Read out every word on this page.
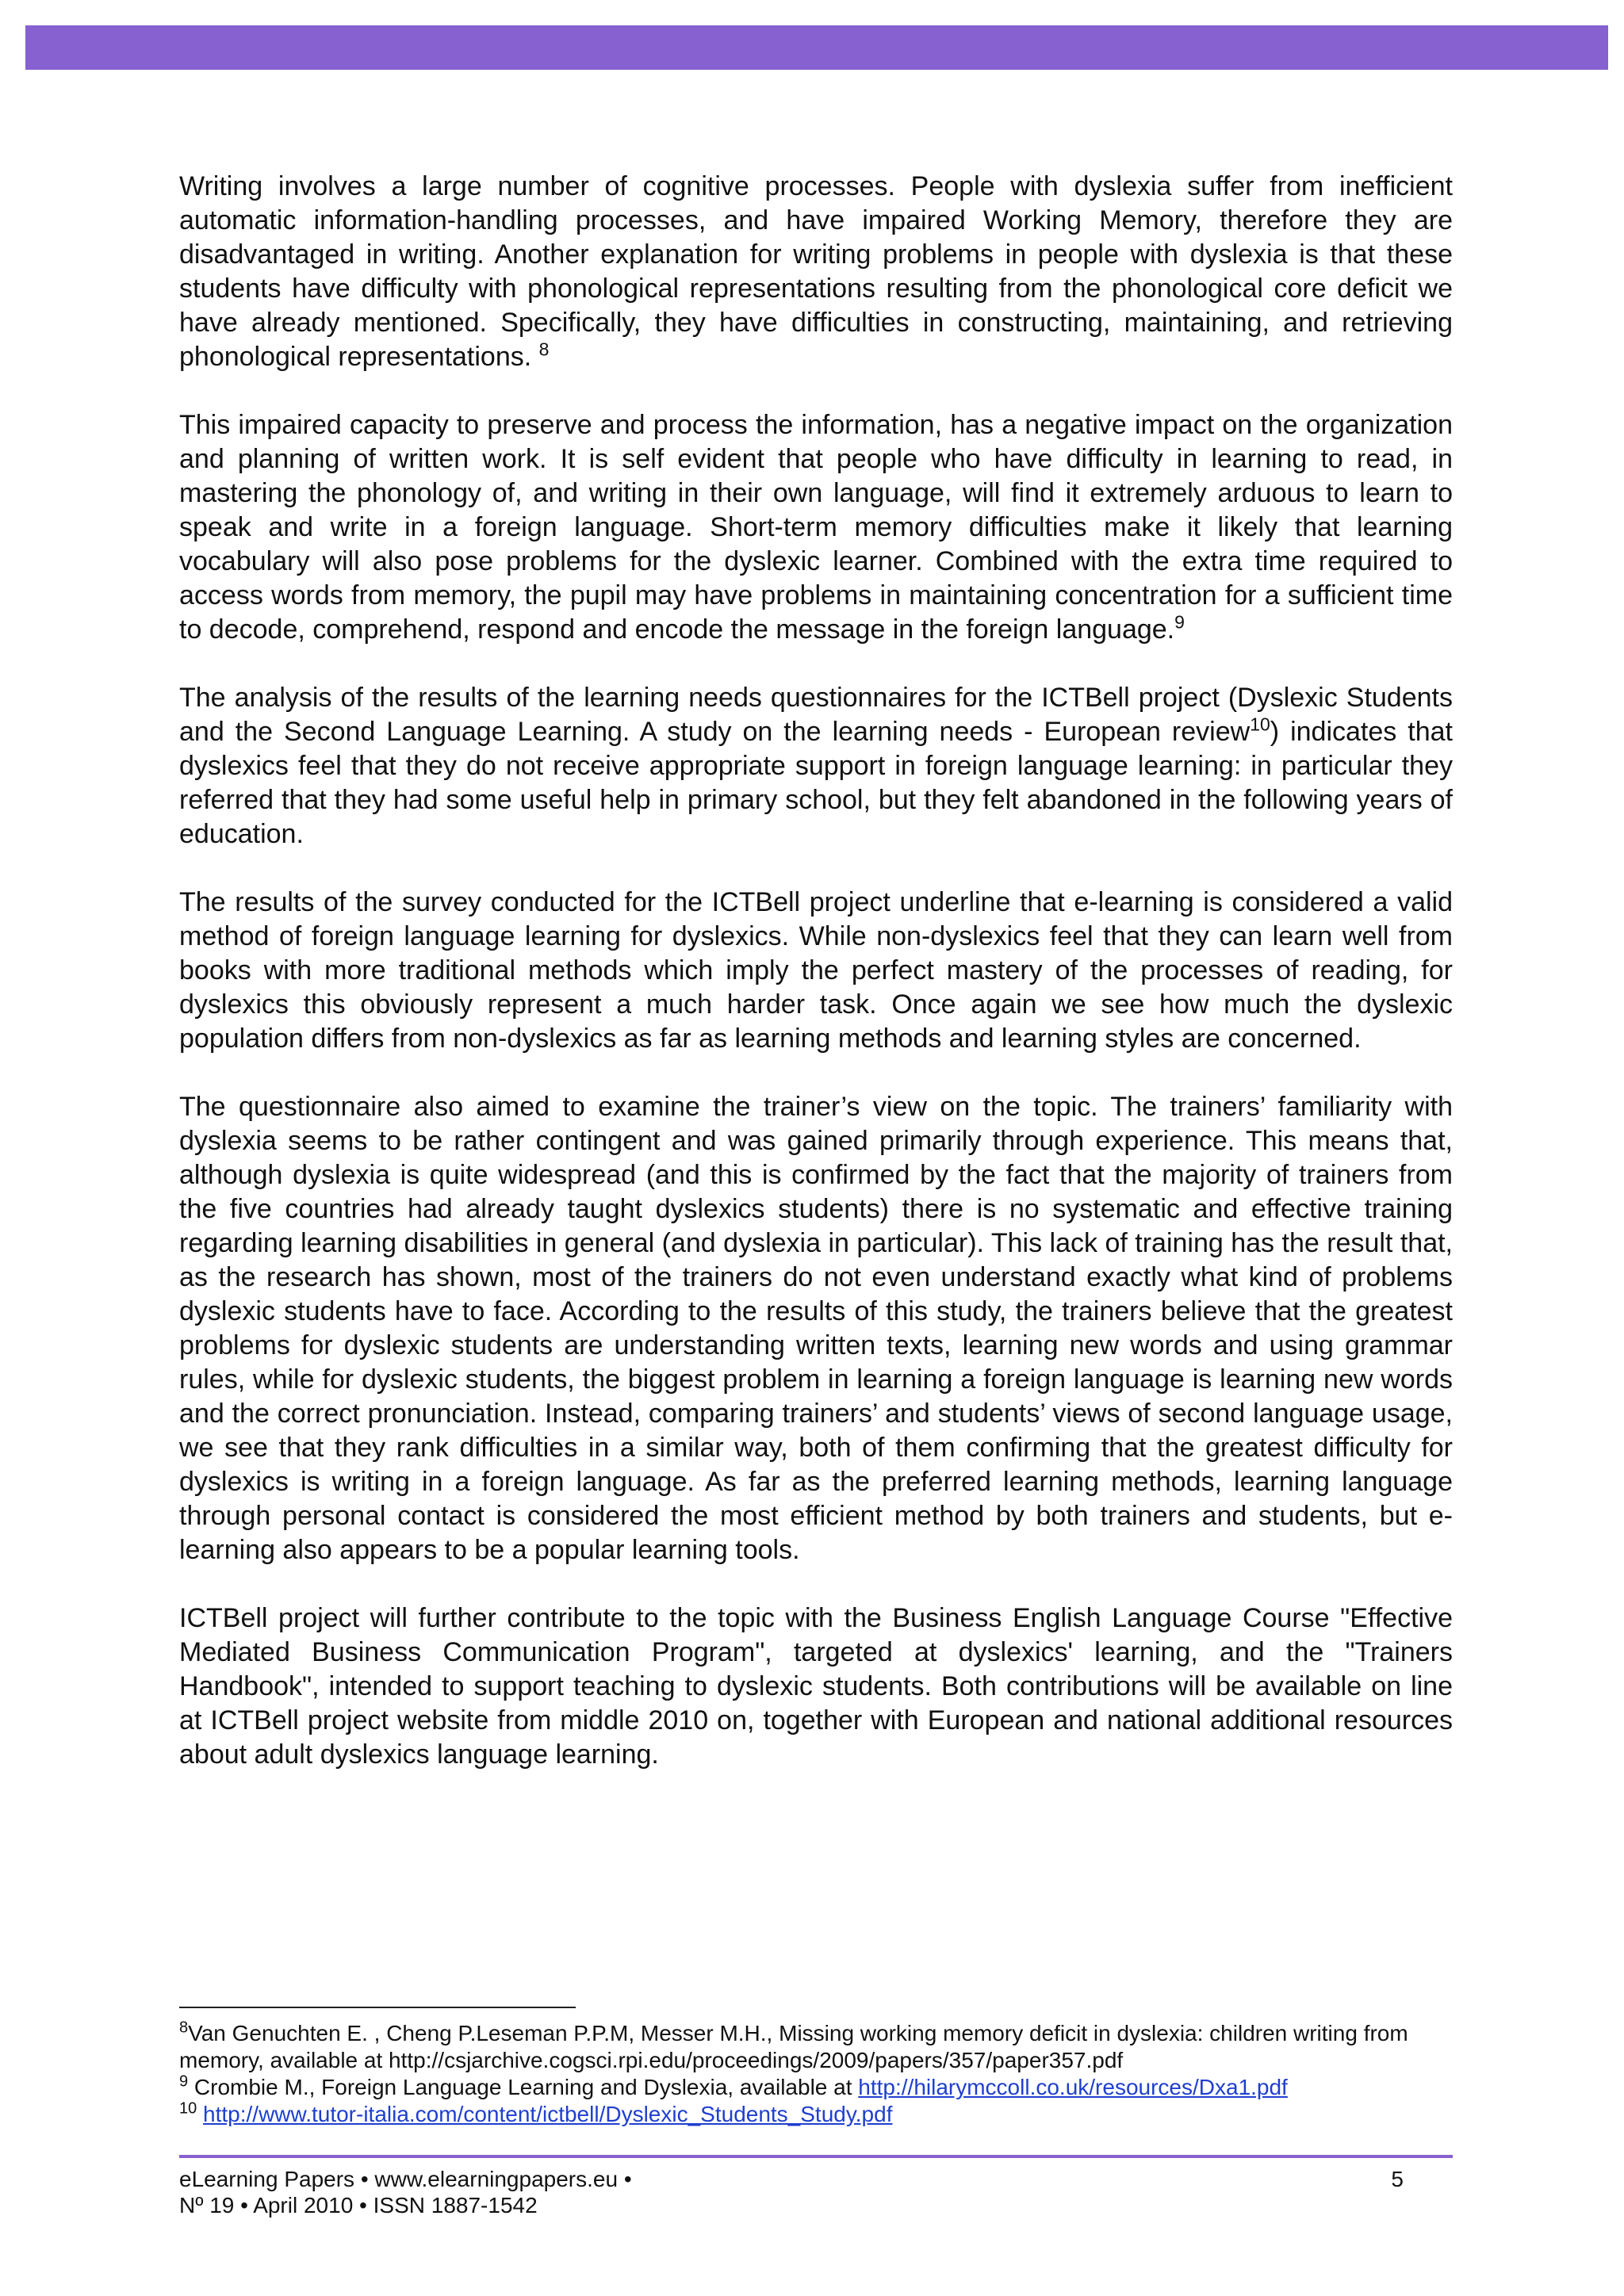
Writing involves a large number of cognitive processes. People with dyslexia suffer from inefficient automatic information-handling processes, and have impaired Working Memory, therefore they are disadvantaged in writing. Another explanation for writing problems in people with dyslexia is that these students have difficulty with phonological representations resulting from the phonological core deficit we have already mentioned. Specifically, they have difficulties in constructing, maintaining, and retrieving phonological representations. $^8$

This impaired capacity to preserve and process the information, has a negative impact on the organization and planning of written work. It is self evident that people who have difficulty in learning to read, in mastering the phonology of, and writing in their own language, will find it extremely arduous to learn to speak and write in a foreign language. Short-term memory difficulties make it likely that learning vocabulary will also pose problems for the dyslexic learner. Combined with the extra time required to access words from memory, the pupil may have problems in maintaining concentration for a sufficient time to decode, comprehend, respond and encode the message in the foreign language.$^9$

The analysis of the results of the learning needs questionnaires for the ICTBell project (Dyslexic Students and the Second Language Learning. A study on the learning needs - European review$^{10}$) indicates that dyslexics feel that they do not receive appropriate support in foreign language learning: in particular they referred that they had some useful help in primary school, but they felt abandoned in the following years of education.

The results of the survey conducted for the ICTBell project underline that e-learning is considered a valid method of foreign language learning for dyslexics. While non-dyslexics feel that they can learn well from books with more traditional methods which imply the perfect mastery of the processes of reading, for dyslexics this obviously represent a much harder task. Once again we see how much the dyslexic population differs from non-dyslexics as far as learning methods and learning styles are concerned.

The questionnaire also aimed to examine the trainer’s view on the topic. The trainers’ familiarity with dyslexia seems to be rather contingent and was gained primarily through experience. This means that, although dyslexia is quite widespread (and this is confirmed by the fact that the majority of trainers from the five countries had already taught dyslexics students) there is no systematic and effective training regarding learning disabilities in general (and dyslexia in particular). This lack of training has the result that, as the research has shown, most of the trainers do not even understand exactly what kind of problems dyslexic students have to face. According to the results of this study, the trainers believe that the greatest problems for dyslexic students are understanding written texts, learning new words and using grammar rules, while for dyslexic students, the biggest problem in learning a foreign language is learning new words and the correct pronunciation. Instead, comparing trainers’ and students’ views of second language usage, we see that they rank difficulties in a similar way, both of them confirming that the greatest difficulty for dyslexics is writing in a foreign language. As far as the preferred learning methods, learning language through personal contact is considered the most efficient method by both trainers and students, but e-learning also appears to be a popular learning tools.

ICTBell project will further contribute to the topic with the Business English Language Course "Effective Mediated Business Communication Program", targeted at dyslexics' learning, and the "Trainers Handbook", intended to support teaching to dyslexic students. Both contributions will be available on line at ICTBell project website from middle 2010 on, together with European and national additional resources about adult dyslexics language learning.

$^8$Van Genuchten E. , Cheng P.Leseman P.P.M, Messer M.H., Missing working memory deficit in dyslexia: children writing from memory, available at http://csjarchive.cogsci.rpi.edu/proceedings/2009/papers/357/paper357.pdf

$^9$ Crombie M., Foreign Language Learning and Dyslexia, available at http://hilarymccoll.co.uk/resources/Dxa1.pdf

$^{10}$ http://www.tutor-italia.com/content/ictbell/Dyslexic_Students_Study.pdf

eLearning Papers • www.elearningpapers.eu •

Nº 19 • April 2010 • ISSN 1887-1542

5
